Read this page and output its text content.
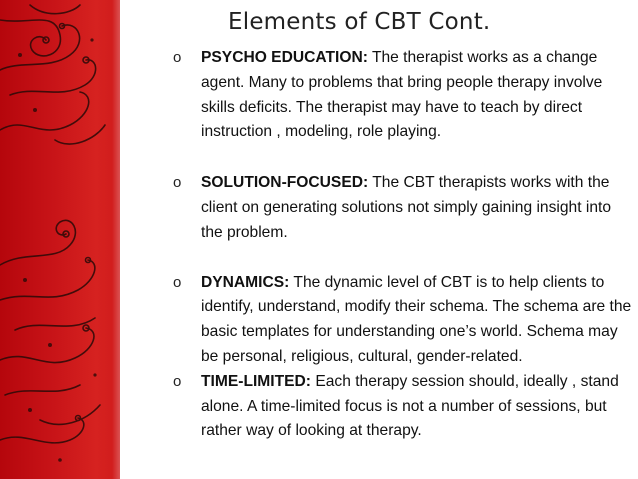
Elements of CBT Cont.
o PSYCHO EDUCATION: The therapist works as a change agent. Many to problems that bring people therapy involve skills deficits. The therapist may have to teach by direct instruction , modeling, role playing.
o SOLUTION-FOCUSED: The CBT therapists works with the client on generating solutions not simply gaining insight into the problem.
o DYNAMICS: The dynamic level of CBT is to help clients to identify, understand, modify their schema. The schema are the basic templates for understanding one’s world. Schema may be personal, religious, cultural, gender-related.
o TIME-LIMITED: Each therapy session should, ideally , stand alone. A time-limited focus is not a number of sessions, but rather way of looking at therapy.
